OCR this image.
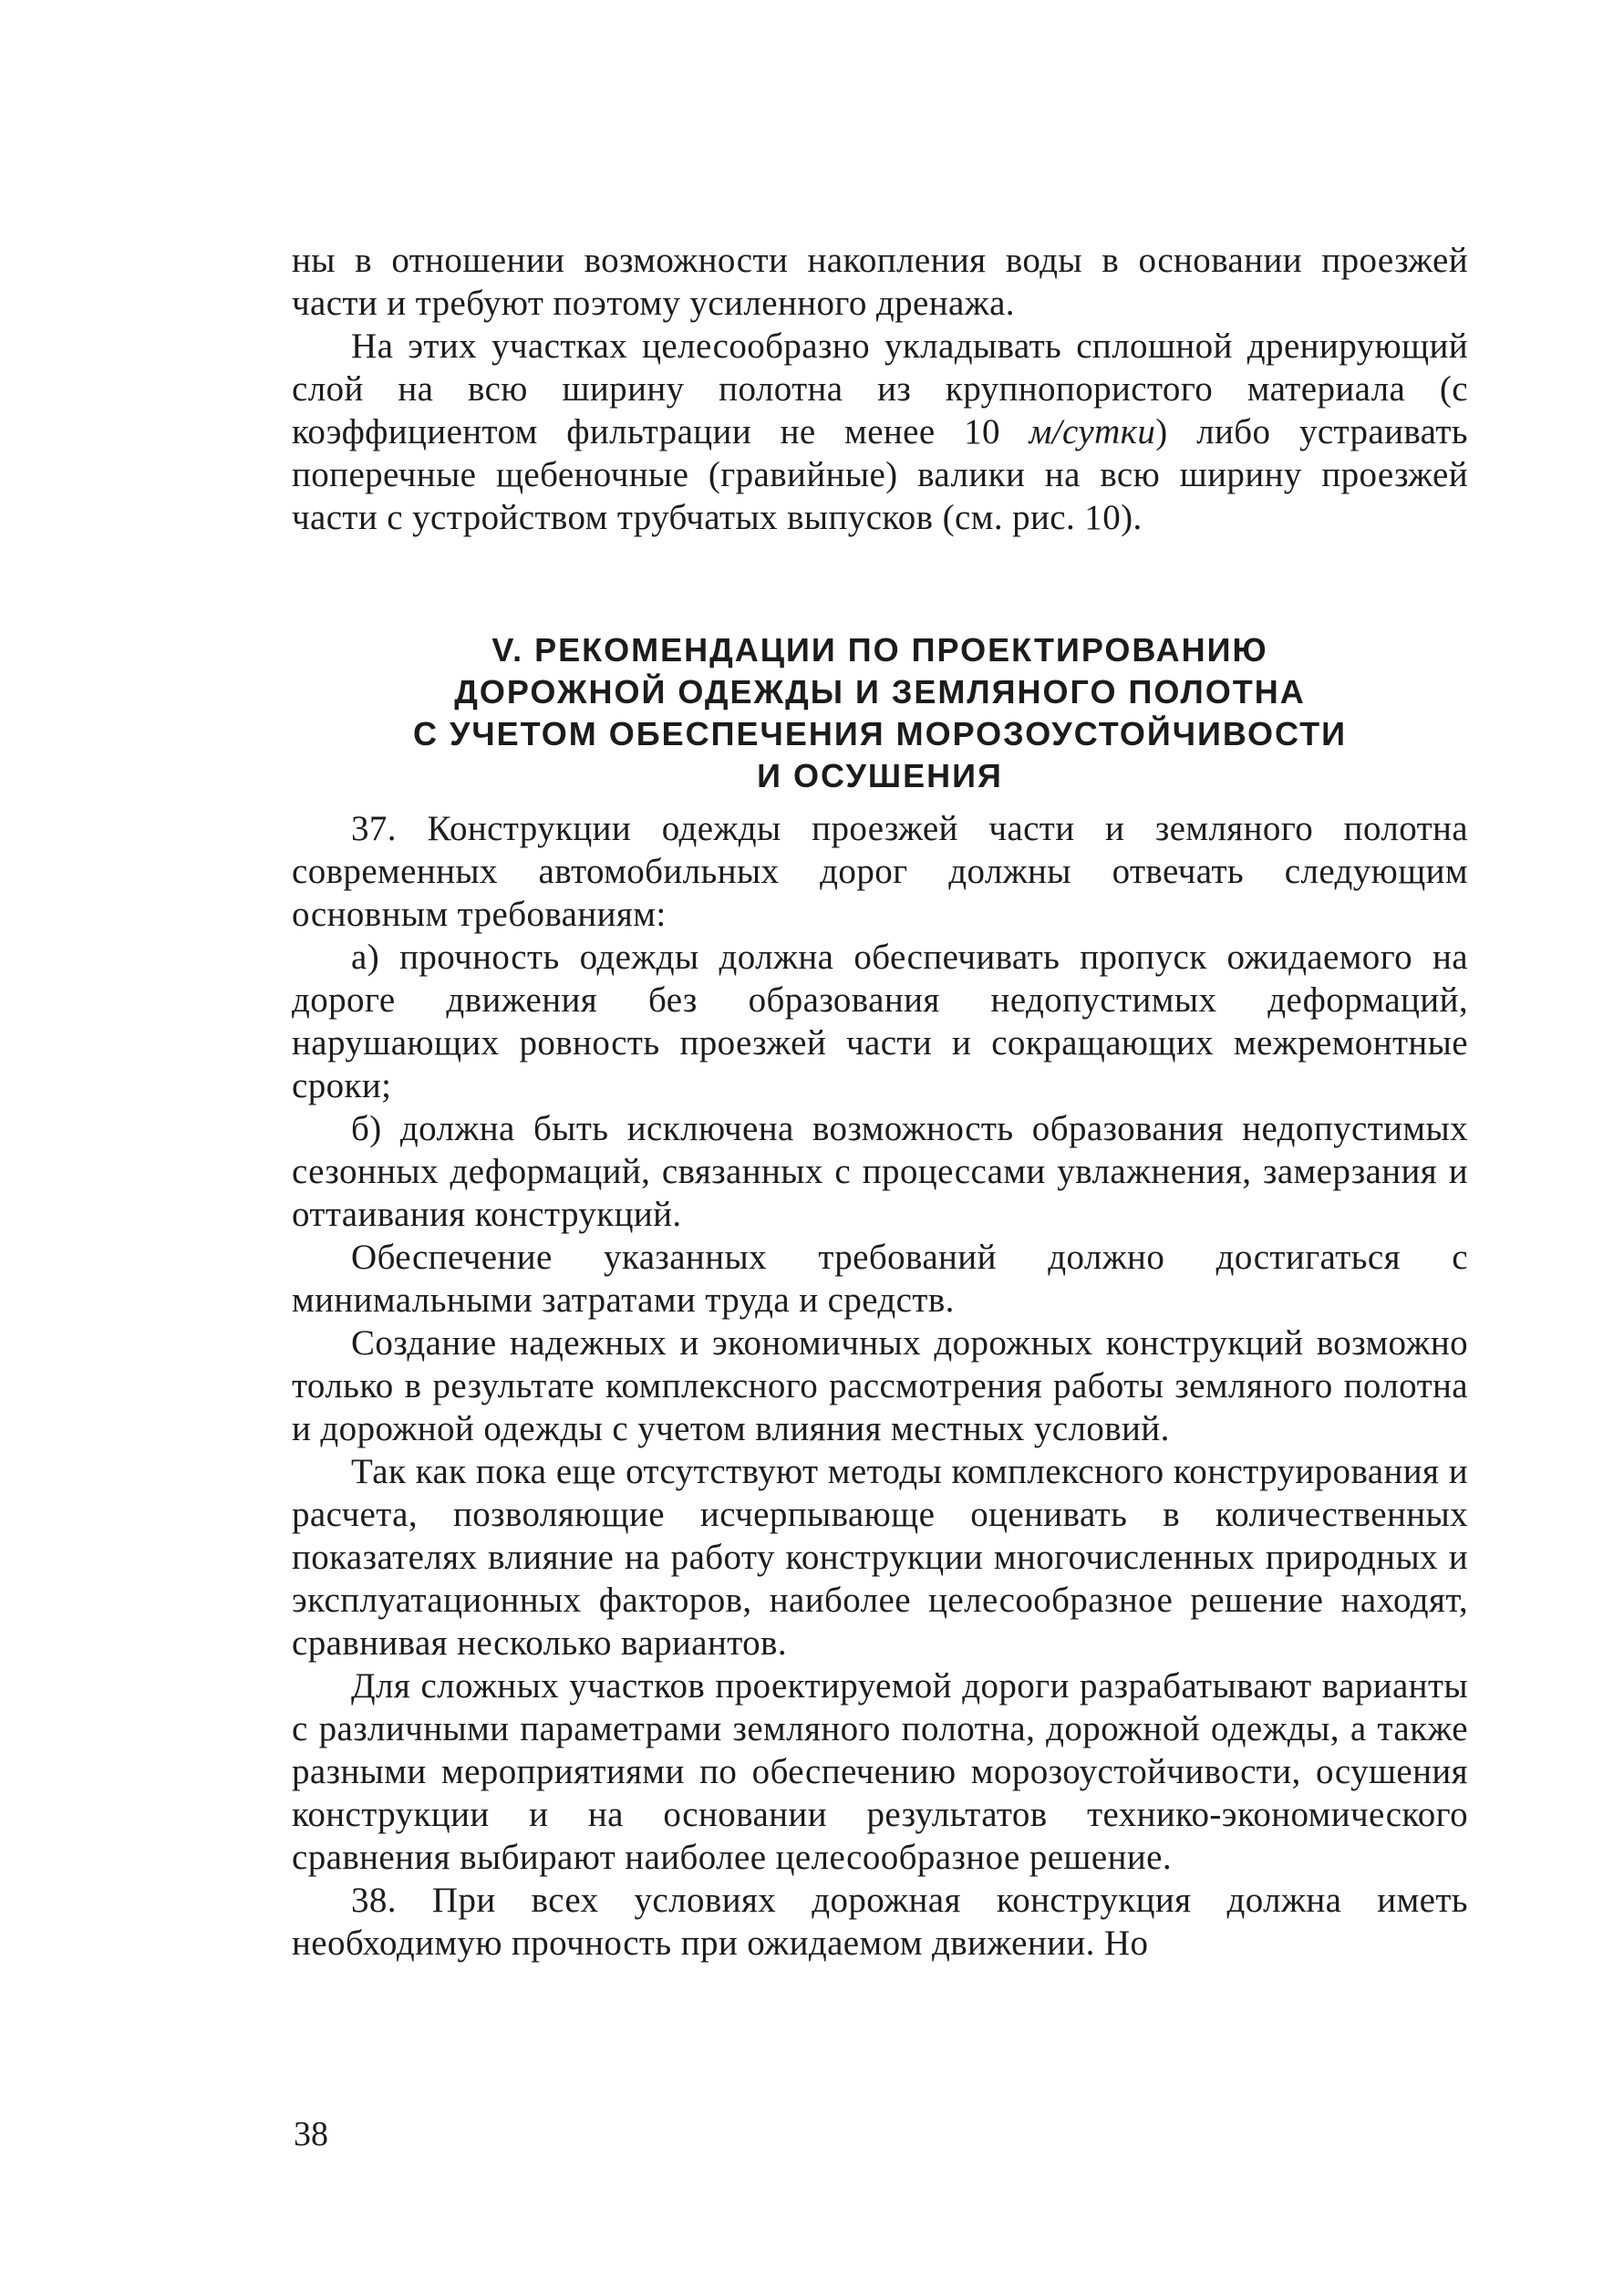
ны в отношении возможности накопления воды в основании проезжей части и требуют поэтому усиленного дренажа.

На этих участках целесообразно укладывать сплошной дренирующий слой на всю ширину полотна из крупнопористого материала (с коэффициентом фильтрации не менее 10 м/сутки) либо устраивать поперечные щебеночные (гравийные) валики на всю ширину проезжей части с устройством трубчатых выпусков (см. рис. 10).

V. РЕКОМЕНДАЦИИ ПО ПРОЕКТИРОВАНИЮ
ДОРОЖНОЙ ОДЕЖДЫ И ЗЕМЛЯНОГО ПОЛОТНА
С УЧЕТОМ ОБЕСПЕЧЕНИЯ МОРОЗОУСТОЙЧИВОСТИ
И ОСУШЕНИЯ

37. Конструкции одежды проезжей части и земляного полотна современных автомобильных дорог должны отвечать следующим основным требованиям:

а) прочность одежды должна обеспечивать пропуск ожидаемого на дороге движения без образования недопустимых деформаций, нарушающих ровность проезжей части и сокращающих межремонтные сроки;

б) должна быть исключена возможность образования недопустимых сезонных деформаций, связанных с процессами увлажнения, замерзания и оттаивания конструкций.

Обеспечение указанных требований должно достигаться с минимальными затратами труда и средств.

Создание надежных и экономичных дорожных конструкций возможно только в результате комплексного рассмотрения работы земляного полотна и дорожной одежды с учетом влияния местных условий.

Так как пока еще отсутствуют методы комплексного конструирования и расчета, позволяющие исчерпывающе оценивать в количественных показателях влияние на работу конструкции многочисленных природных и эксплуатационных факторов, наиболее целесообразное решение находят, сравнивая несколько вариантов.

Для сложных участков проектируемой дороги разрабатывают варианты с различными параметрами земляного полотна, дорожной одежды, а также разными мероприятиями по обеспечению морозоустойчивости, осушения конструкции и на основании результатов технико-экономического сравнения выбирают наиболее целесообразное решение.

38. При всех условиях дорожная конструкция должна иметь необходимую прочность при ожидаемом движении. Но

38
